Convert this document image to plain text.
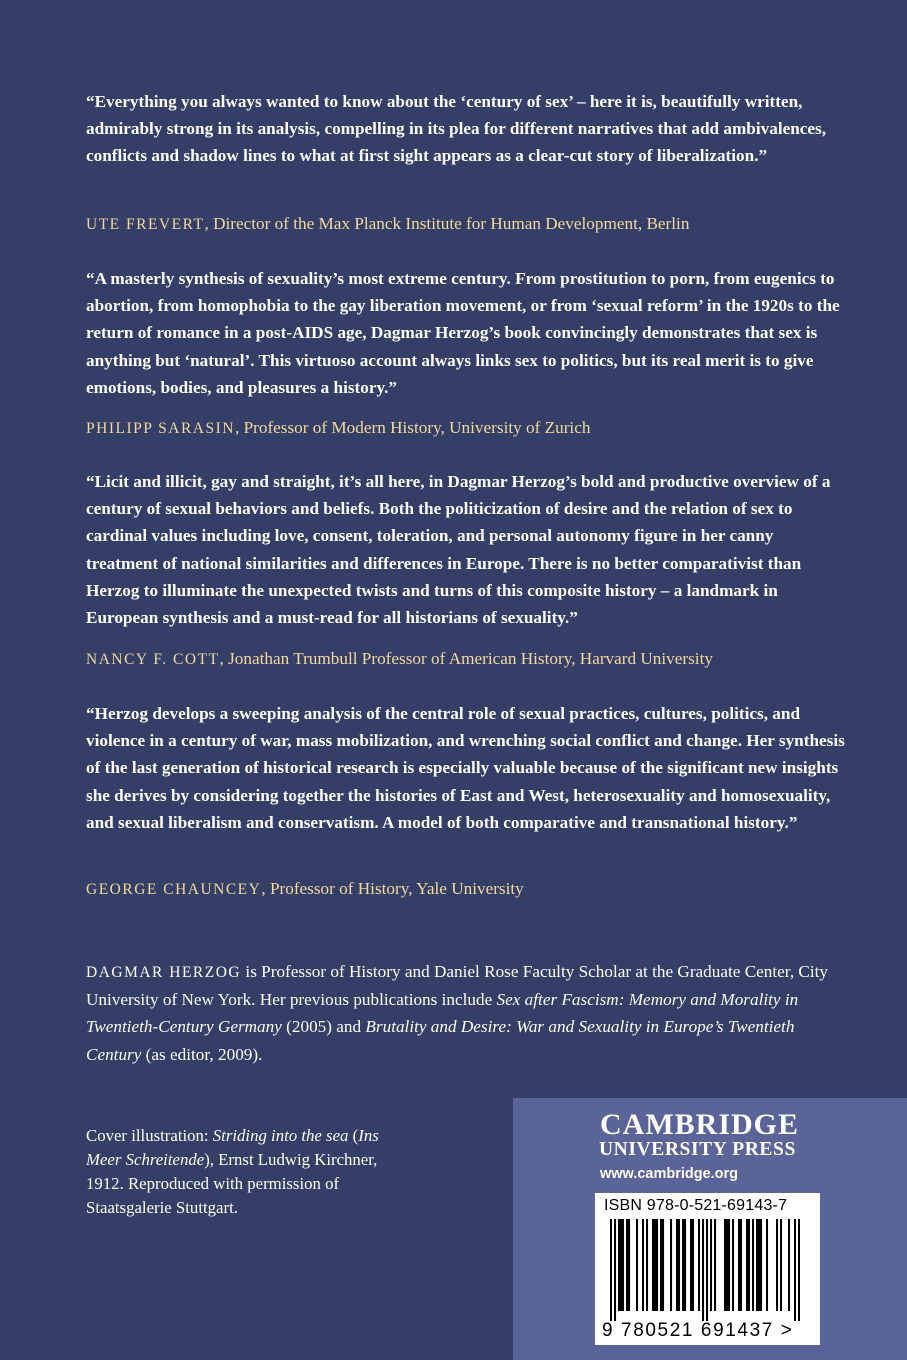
“Everything you always wanted to know about the ‘century of sex’ – here it is, beautifully written, admirably strong in its analysis, compelling in its plea for different narratives that add ambivalences, conflicts and shadow lines to what at first sight appears as a clear-cut story of liberalization.”

UTE FREVERT, Director of the Max Planck Institute for Human Development, Berlin

“A masterly synthesis of sexuality’s most extreme century. From prostitution to porn, from eugenics to abortion, from homophobia to the gay liberation movement, or from ‘sexual reform’ in the 1920s to the return of romance in a post-AIDS age, Dagmar Herzog’s book convincingly demonstrates that sex is anything but ‘natural’. This virtuoso account always links sex to politics, but its real merit is to give emotions, bodies, and pleasures a history.”

PHILIPP SARASIN, Professor of Modern History, University of Zurich

“Licit and illicit, gay and straight, it’s all here, in Dagmar Herzog’s bold and productive overview of a century of sexual behaviors and beliefs. Both the politicization of desire and the relation of sex to cardinal values including love, consent, toleration, and personal autonomy figure in her canny treatment of national similarities and differences in Europe. There is no better comparativist than Herzog to illuminate the unexpected twists and turns of this composite history – a landmark in European synthesis and a must-read for all historians of sexuality.”

NANCY F. COTT, Jonathan Trumbull Professor of American History, Harvard University

“Herzog develops a sweeping analysis of the central role of sexual practices, cultures, politics, and violence in a century of war, mass mobilization, and wrenching social conflict and change. Her synthesis of the last generation of historical research is especially valuable because of the significant new insights she derives by considering together the histories of East and West, heterosexuality and homosexuality, and sexual liberalism and conservatism. A model of both comparative and transnational history.”

GEORGE CHAUNCEY, Professor of History, Yale University

DAGMAR HERZOG is Professor of History and Daniel Rose Faculty Scholar at the Graduate Center, City University of New York. Her previous publications include Sex after Fascism: Memory and Morality in Twentieth-Century Germany (2005) and Brutality and Desire: War and Sexuality in Europe’s Twentieth Century (as editor, 2009).

Cover illustration: Striding into the sea (Ins Meer Schreitende), Ernst Ludwig Kirchner, 1912. Reproduced with permission of Staatsgalerie Stuttgart.

CAMBRIDGE

UNIVERSITY PRESS

www.cambridge.org

ISBN 978-0-521-69143-7

9 780521 691437 >
